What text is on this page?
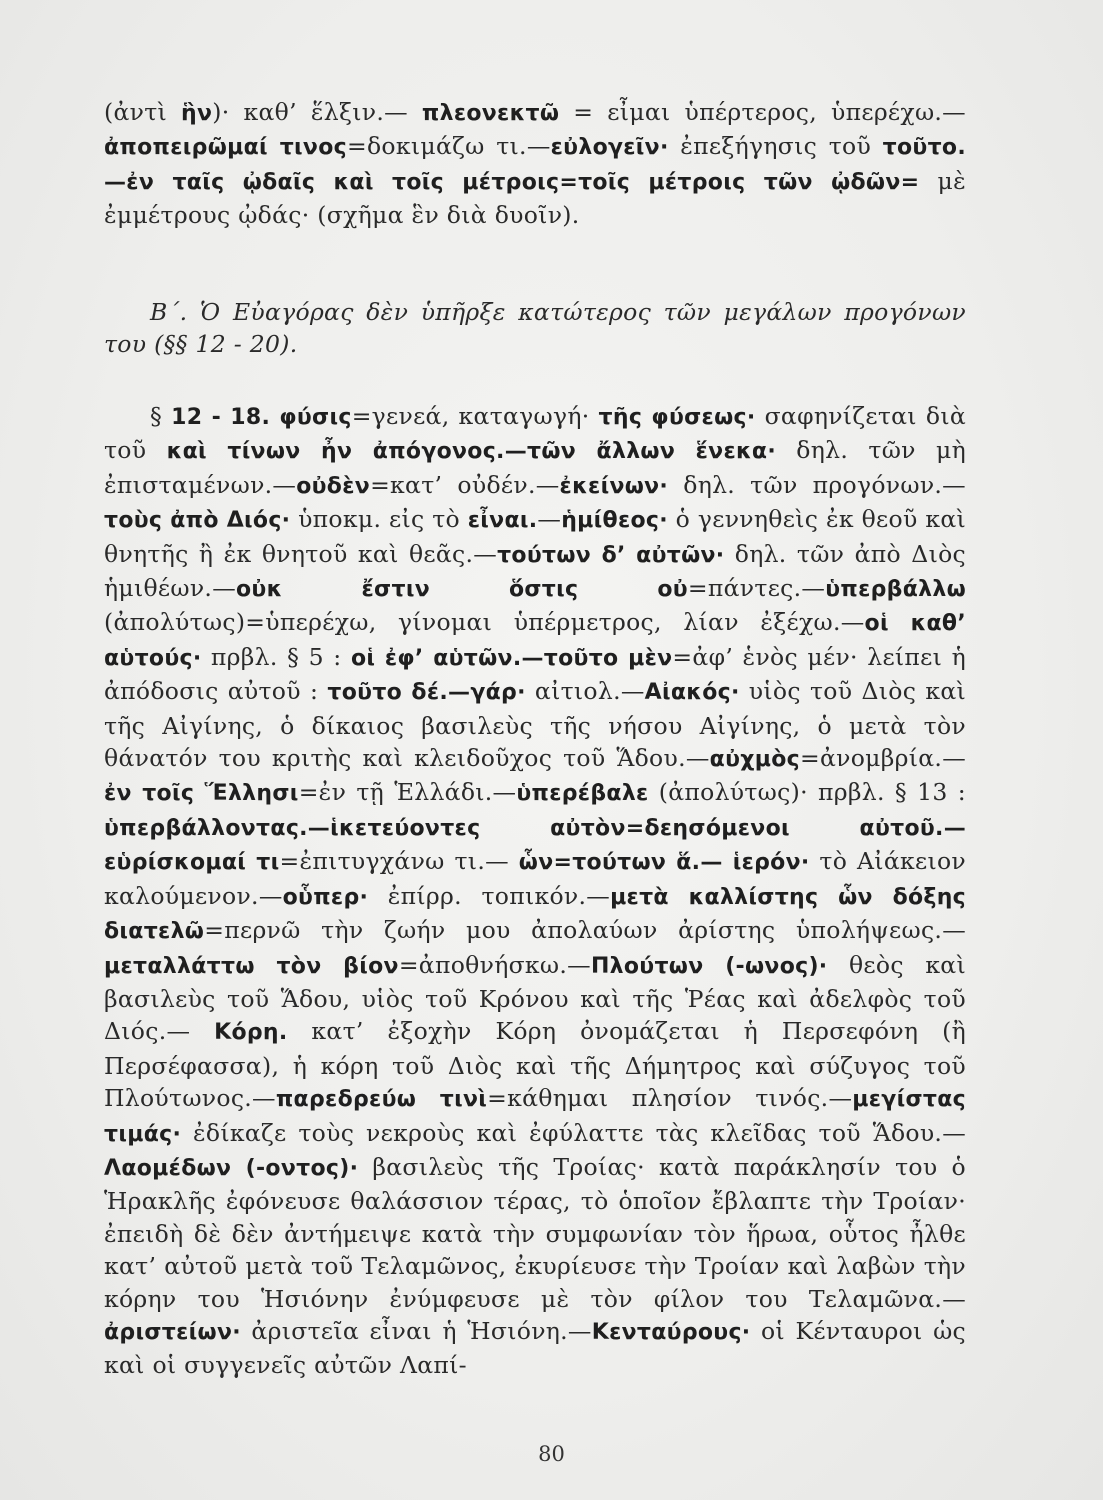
(ἀντὶ ἣν)· καθ’ ἕλξιν.— πλεονεκτῶ = εἶμαι ὑπέρτερος, ὑπερέχω.— ἀποπειρῶμαί τινος=δοκιμάζω τι.—εὐλογεῖν· ἐπεξήγησις τοῦ τοῦτο.—ἐν ταῖς ᾠδαῖς καὶ τοῖς μέτροις=τοῖς μέτροις τῶν ᾠδῶν= μὲ ἐμμέτρους ᾠδάς· (σχῆμα ἓν διὰ δυοῖν).

Β΄. Ὁ Εὐαγόρας δὲν ὑπῆρξε κατώτερος τῶν μεγάλων προγόνων του (§§ 12 - 20).

§ 12 - 18. φύσις=γενεά, καταγωγή· τῆς φύσεως· σαφηνίζεται διὰ τοῦ καὶ τίνων ἦν ἀπόγονος.—τῶν ἄλλων ἕνεκα· δηλ. τῶν μὴ ἐπισταμένων.—οὐδὲν=κατ’ οὐδέν.—ἐκείνων· δηλ. τῶν προγόνων.— τοὺς ἀπὸ Διός· ὑποκμ. εἰς τὸ εἶναι.—ἡμίθεος· ὁ γεννηθεὶς ἐκ θεοῦ καὶ θνητῆς ἢ ἐκ θνητοῦ καὶ θεᾶς.—τούτων δ’ αὐτῶν· δηλ. τῶν ἀπὸ Διὸς ἡμιθέων.—οὐκ ἔστιν ὅστις οὐ=πάντες.—ὑπερβάλλω (ἀπολύτως)=ὑπερέχω, γίνομαι ὑπέρμετρος, λίαν ἐξέχω.—οἱ καθ’ αὑτούς· πρβλ. § 5 : οἱ ἐφ’ αὑτῶν.—τοῦτο μὲν=ἀφ’ ἑνὸς μέν· λείπει ἡ ἀπόδοσις αὐτοῦ : τοῦτο δέ.—γάρ· αἰτιολ.—Αἰακός· υἱὸς τοῦ Διὸς καὶ τῆς Αἰγίνης, ὁ δίκαιος βασιλεὺς τῆς νήσου Αἰγίνης, ὁ μετὰ τὸν θάνατόν του κριτὴς καὶ κλειδοῦχος τοῦ Ἅδου.—αὐχμὸς=ἀνομβρία.—ἐν τοῖς Ἕλλησι=ἐν τῇ Ἑλλάδι.—ὑπερέβαλε (ἀπολύτως)· πρβλ. § 13 : ὑπερβάλλοντας.—ἱκετεύοντες αὐτὸν=δεησόμενοι αὐτοῦ.—εὑρίσκομαί τι=ἐπιτυγχάνω τι.— ὧν=τούτων ἅ.— ἱερόν· τὸ Αἰάκειον καλούμενον.—οὗπερ· ἐπίρρ. τοπικόν.—μετὰ καλλίστης ὧν δόξης διατελῶ=περνῶ τὴν ζωήν μου ἀπολαύων ἀρίστης ὑπολήψεως.—μεταλλάττω τὸν βίον=ἀποθνήσκω.—Πλούτων (-ωνος)· θεὸς καὶ βασιλεὺς τοῦ Ἅδου, υἱὸς τοῦ Κρόνου καὶ τῆς Ῥέας καὶ ἀδελφὸς τοῦ Διός.— Κόρη. κατ’ ἐξοχὴν Κόρη ὀνομάζεται ἡ Περσεφόνη (ἢ Περσέφασσα), ἡ κόρη τοῦ Διὸς καὶ τῆς Δήμητρος καὶ σύζυγος τοῦ Πλούτωνος.—παρεδρεύω τινὶ=κάθημαι πλησίον τινός.—μεγίστας τιμάς· ἐδίκαζε τοὺς νεκροὺς καὶ ἐφύλαττε τὰς κλεῖδας τοῦ Ἅδου.—Λαομέδων (-οντος)· βασιλεὺς τῆς Τροίας· κατὰ παράκλησίν του ὁ Ἡρακλῆς ἐφόνευσε θαλάσσιον τέρας, τὸ ὁποῖον ἔβλαπτε τὴν Τροίαν· ἐπειδὴ δὲ δὲν ἀντήμειψε κατὰ τὴν συμφωνίαν τὸν ἥρωα, οὗτος ἦλθε κατ’ αὐτοῦ μετὰ τοῦ Τελαμῶνος, ἐκυρίευσε τὴν Τροίαν καὶ λαβὼν τὴν κόρην του Ἡσιόνην ἐνύμφευσε μὲ τὸν φίλον του Τελαμῶνα.—ἀριστείων· ἀριστεῖα εἶναι ἡ Ἡσιόνη.—Κενταύρους· οἱ Κένταυροι ὡς καὶ οἱ συγγενεῖς αὐτῶν Λαπί-

80
